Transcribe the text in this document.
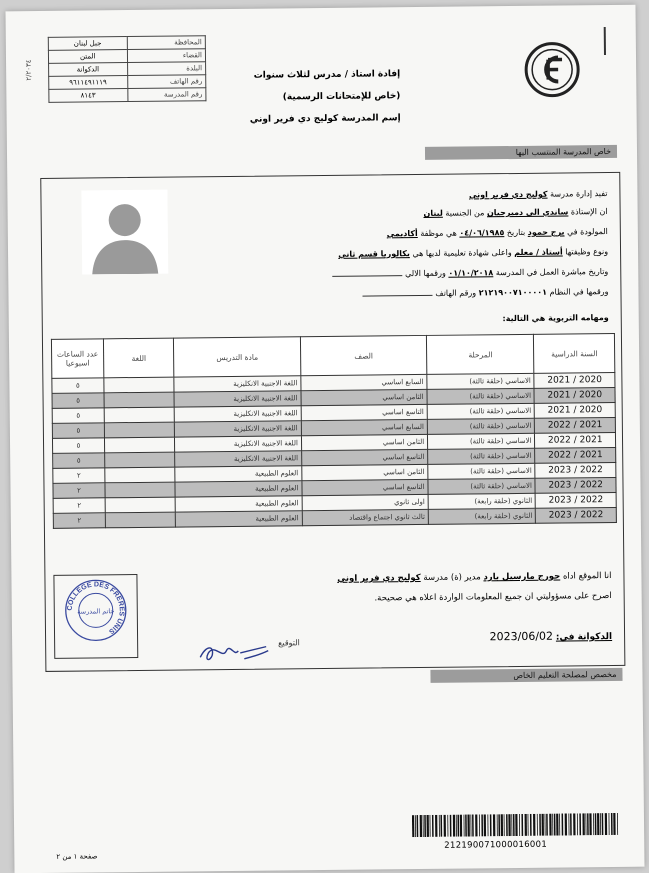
٢/٢٠٣٤
المحافظة	جبل لبنان
القضاء	المتن
البلدة	الدكوانة
رقم الهاتف	٩٦١١٤٩١١١٩
رقم المدرسة	٨١٤٣
إفادة استاذ / مدرس لثلاث سنوات
(خاص للإمتحانات الرسمية)
إسم المدرسة كوليج دي فرير اوني
خاص المدرسة المنتسب اليها
تفيد إدارة مدرسة كوليج دي فرير اوني
ان الإستاذة ساندي الى دميرجيان من الجنسية لبنان
المولودة في برج حمود بتاريخ ٠٤/٠٦/١٩٨٥ هي موظفة أكاديمي
ونوع وظيفتها أستاذ / معلم واعلى شهادة تعليمية لديها هي بكالوريا قسم ثاني
وتاريخ مباشرة العمل في المدرسة ٠١/١٠/٢٠١٨ ورقمها الالي
ورقمها في النظام ٢١٢١٩٠٠٧١٠٠٠٠١ ورقم الهاتف
ومهامه التربوية هي التالية:
السنة الدراسية	المرحلة	الصف	مادة التدريس	اللغة	عدد الساعات اسبوعيا
2020 / 2021	الاساسي (حلقة ثالثة)	السابع اساسي	اللغة الاجنبية الانكليزية		٥
2020 / 2021	الاساسي (حلقة ثالثة)	الثامن اساسي	اللغة الاجنبية الانكليزية		٥
2020 / 2021	الاساسي (حلقة ثالثة)	التاسع اساسي	اللغة الاجنبية الانكليزية		٥
2021 / 2022	الاساسي (حلقة ثالثة)	السابع اساسي	اللغة الاجنبية الانكليزية		٥
2021 / 2022	الاساسي (حلقة ثالثة)	الثامن اساسي	اللغة الاجنبية الانكليزية		٥
2021 / 2022	الاساسي (حلقة ثالثة)	التاسع اساسي	اللغة الاجنبية الانكليزية		٥
2022 / 2023	الاساسي (حلقة ثالثة)	الثامن اساسي	العلوم الطبيعية		٢
2022 / 2023	الاساسي (حلقة ثالثة)	التاسع اساسي	العلوم الطبيعية		٢
2022 / 2023	الثانوي (حلقة رابعة)	اولى ثانوي	العلوم الطبيعية		٢
2022 / 2023	الثانوي (حلقة رابعة)	ثالث ثانوي اجتماع واقتصاد	العلوم الطبيعية		٢
انا الموقع اداه جورج مارسيل بارد مدير (ة) مدرسة كوليج دي فرير اوني
اصرح على مسؤوليتي ان جميع المعلومات الواردة اعلاه هي صحيحة.
الدكوانة في: 2023/06/02
التوقيع
COLLEGE DES FRERES UNIS
خاتم المدرسة
مخصص لمصلحة التعليم الخاص
212190071000016001
صفحة ١ من ٢
